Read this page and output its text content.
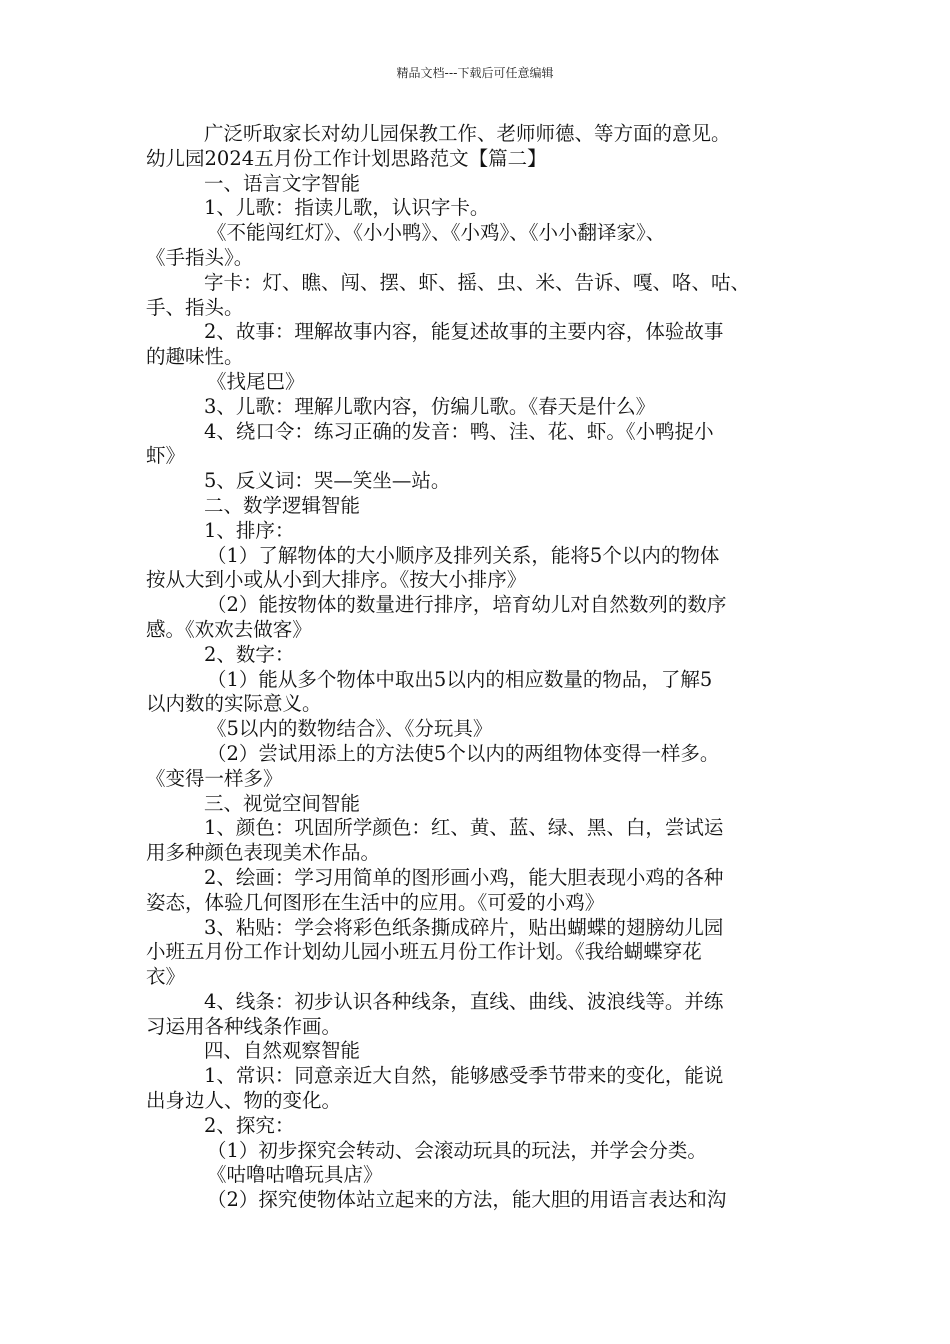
精品文档---下载后可任意编辑
广泛听取家长对幼儿园保教工作、老师师德、等方面的意见。
幼儿园2024五月份工作计划思路范文【篇二】
一、语言文字智能
1、儿歌：指读儿歌，认识字卡。
《不能闯红灯》、《小小鸭》、《小鸡》、《小小翻译家》、
《手指头》。
字卡：灯、瞧、闯、摆、虾、摇、虫、米、告诉、嘎、咯、咕、
手、指头。
2、故事：理解故事内容，能复述故事的主要内容，体验故事
的趣味性。
《找尾巴》
3、儿歌：理解儿歌内容，仿编儿歌。《春天是什么》
4、绕口令：练习正确的发音：鸭、洼、花、虾。《小鸭捉小
虾》
5、反义词：哭—笑坐—站。
二、数学逻辑智能
1、排序：
（1）了解物体的大小顺序及排列关系，能将5个以内的物体
按从大到小或从小到大排序。《按大小排序》
（2）能按物体的数量进行排序，培育幼儿对自然数列的数序
感。《欢欢去做客》
2、数字：
（1）能从多个物体中取出5以内的相应数量的物品，了解5
以内数的实际意义。
《5以内的数物结合》、《分玩具》
（2）尝试用添上的方法使5个以内的两组物体变得一样多。
《变得一样多》
三、视觉空间智能
1、颜色：巩固所学颜色：红、黄、蓝、绿、黑、白，尝试运
用多种颜色表现美术作品。
2、绘画：学习用简单的图形画小鸡，能大胆表现小鸡的各种
姿态，体验几何图形在生活中的应用。《可爱的小鸡》
3、粘贴：学会将彩色纸条撕成碎片，贴出蝴蝶的翅膀幼儿园
小班五月份工作计划幼儿园小班五月份工作计划。《我给蝴蝶穿花
衣》
4、线条：初步认识各种线条，直线、曲线、波浪线等。并练
习运用各种线条作画。
四、自然观察智能
1、常识：同意亲近大自然，能够感受季节带来的变化，能说
出身边人、物的变化。
2、探究：
（1）初步探究会转动、会滚动玩具的玩法，并学会分类。
《咕噜咕噜玩具店》
（2）探究使物体站立起来的方法，能大胆的用语言表达和沟
